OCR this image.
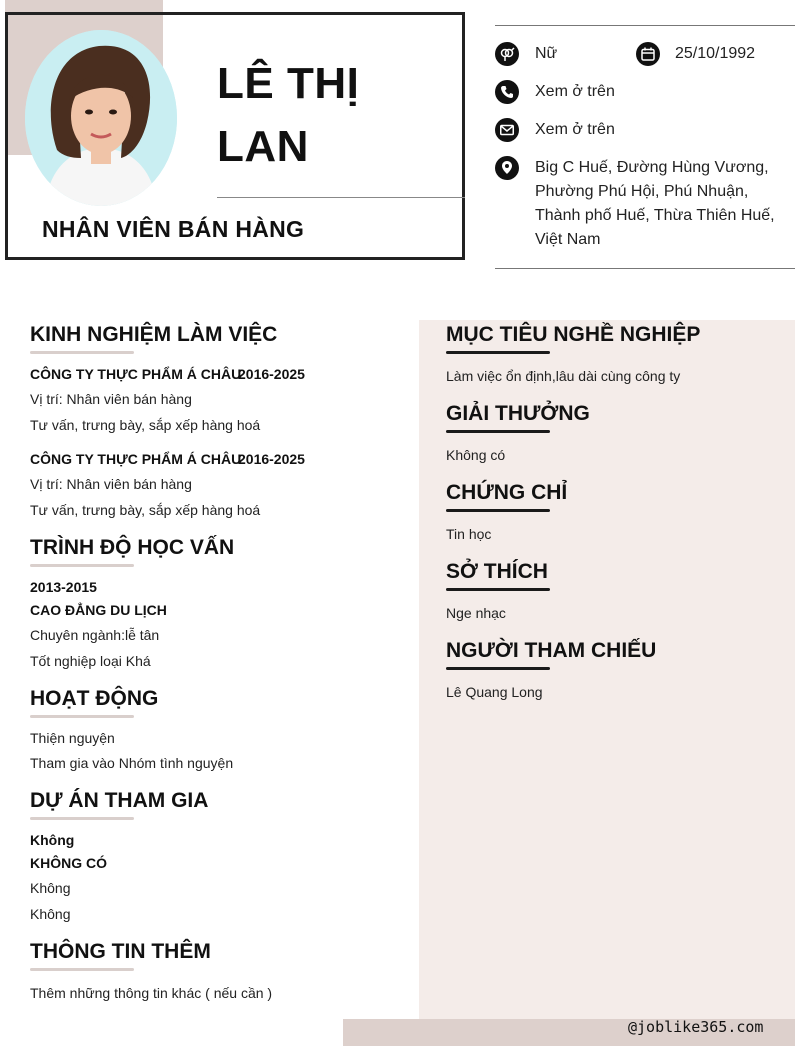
LÊ THỊ
LAN
NHÂN VIÊN BÁN HÀNG
Nữ	25/10/1992
Xem ở trên
Xem ở trên
Big C Huế, Đường Hùng Vương,
Phường Phú Hội, Phú Nhuận,
Thành phố Huế, Thừa Thiên Huế,
Việt Nam
KINH NGHIỆM LÀM VIỆC
CÔNG TY THỰC PHẨM Á CHÂU
2016-2025
Vị trí: Nhân viên bán hàng
Tư vấn, trưng bày, sắp xếp hàng hoá
CÔNG TY THỰC PHẨM Á CHÂU
2016-2025
Vị trí: Nhân viên bán hàng
Tư vấn, trưng bày, sắp xếp hàng hoá
TRÌNH ĐỘ HỌC VẤN
2013-2015
CAO ĐẲNG DU LỊCH
Chuyên ngành:lễ tân
Tốt nghiệp loại Khá
HOẠT ĐỘNG
Thiện nguyện
Tham gia vào Nhóm tình nguyện
DỰ ÁN THAM GIA
Không
KHÔNG CÓ
Không
Không
THÔNG TIN THÊM
Thêm những thông tin khác ( nếu cần )
MỤC TIÊU NGHỀ NGHIỆP
Làm việc ổn định,lâu dài cùng công ty
GIẢI THƯỞNG
Không có
CHỨNG CHỈ
Tin học
SỞ THÍCH
Nge nhạc
NGƯỜI THAM CHIẾU
Lê Quang Long
@joblike365.com
